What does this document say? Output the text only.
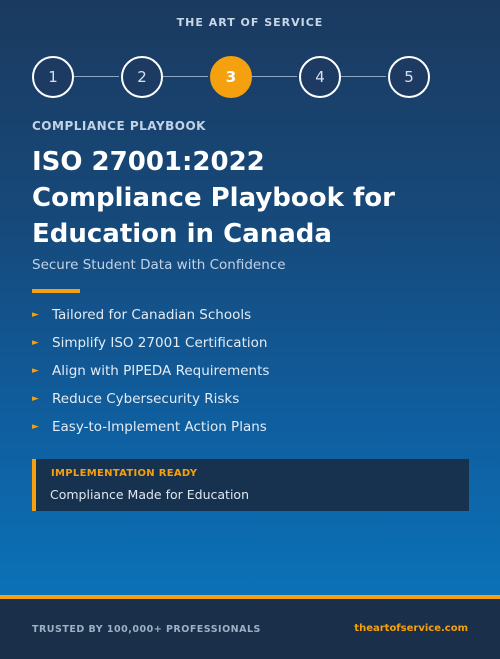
THE ART OF SERVICE
1	2	3	4	5
COMPLIANCE PLAYBOOK
ISO 27001:2022
Compliance Playbook for
Education in Canada
Secure Student Data with Confidence
► Tailored for Canadian Schools
► Simplify ISO 27001 Certification
► Align with PIPEDA Requirements
► Reduce Cybersecurity Risks
► Easy-to-Implement Action Plans
IMPLEMENTATION READY
Compliance Made for Education
TRUSTED BY 100,000+ PROFESSIONALS	theartofservice.com
